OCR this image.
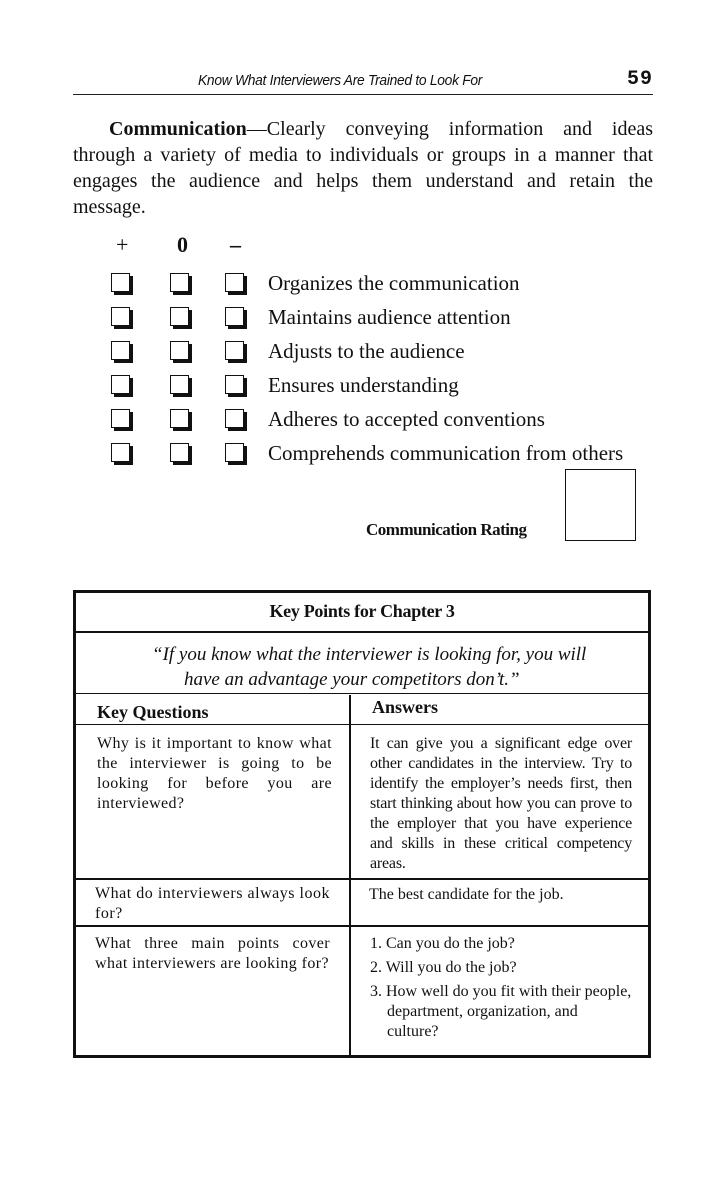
Know What Interviewers Are Trained to Look For	59

Communication—Clearly conveying information and ideas through a variety of media to individuals or groups in a manner that engages the audience and helps them understand and retain the message.

+ 0 –
Organizes the communication
Maintains audience attention
Adjusts to the audience
Ensures understanding
Adheres to accepted conventions
Comprehends communication from others
Communication Rating
Key Points for Chapter 3
“If you know what the interviewer is looking for, you will
have an advantage your competitors don’t.”
Key Questions	Answers
Why is it important to know what the interviewer is going to be looking for before you are interviewed?
It can give you a significant edge over other candidates in the interview. Try to identify the employer’s needs first, then start thinking about how you can prove to the employer that you have experience and skills in these critical competency areas.
What do interviewers always look for?
The best candidate for the job.
What three main points cover what interviewers are looking for?
1. Can you do the job?
2. Will you do the job?
3. How well do you fit with their people, department, organization, and culture?
